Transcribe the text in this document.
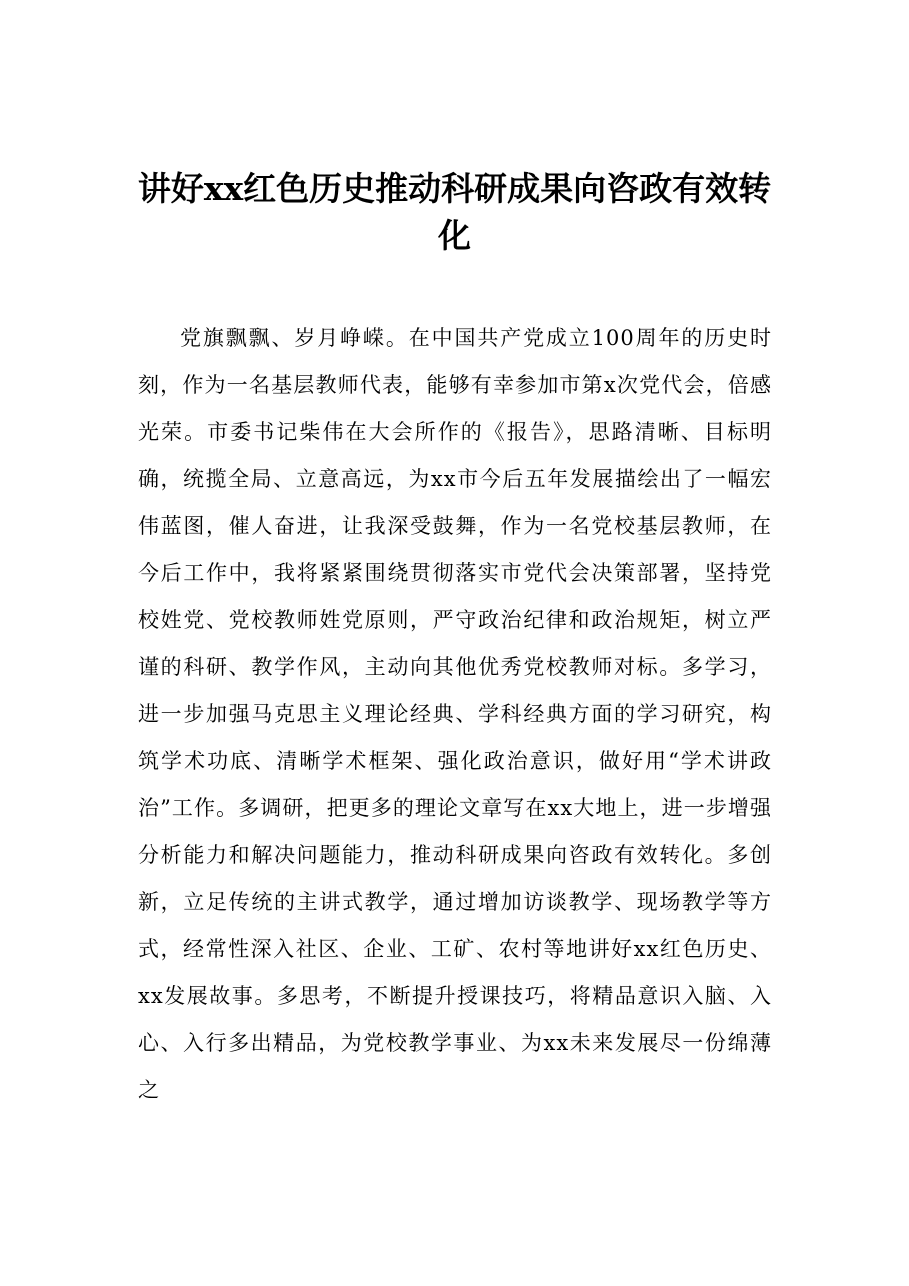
讲好xx红色历史推动科研成果向咨政有效转化

党旗飘飘、岁月峥嵘。在中国共产党成立100周年的历史时刻，作为一名基层教师代表，能够有幸参加市第x次党代会，倍感光荣。市委书记柴伟在大会所作的《报告》，思路清晰、目标明确，统揽全局、立意高远，为xx市今后五年发展描绘出了一幅宏伟蓝图，催人奋进，让我深受鼓舞，作为一名党校基层教师，在今后工作中，我将紧紧围绕贯彻落实市党代会决策部署，坚持党校姓党、党校教师姓党原则，严守政治纪律和政治规矩，树立严谨的科研、教学作风，主动向其他优秀党校教师对标。多学习，进一步加强马克思主义理论经典、学科经典方面的学习研究，构筑学术功底、清晰学术框架、强化政治意识，做好用“学术讲政治”工作。多调研，把更多的理论文章写在xx大地上，进一步增强分析能力和解决问题能力，推动科研成果向咨政有效转化。多创新，立足传统的主讲式教学，通过增加访谈教学、现场教学等方式，经常性深入社区、企业、工矿、农村等地讲好xx红色历史、xx发展故事。多思考，不断提升授课技巧，将精品意识入脑、入心、入行多出精品，为党校教学事业、为xx未来发展尽一份绵薄之
